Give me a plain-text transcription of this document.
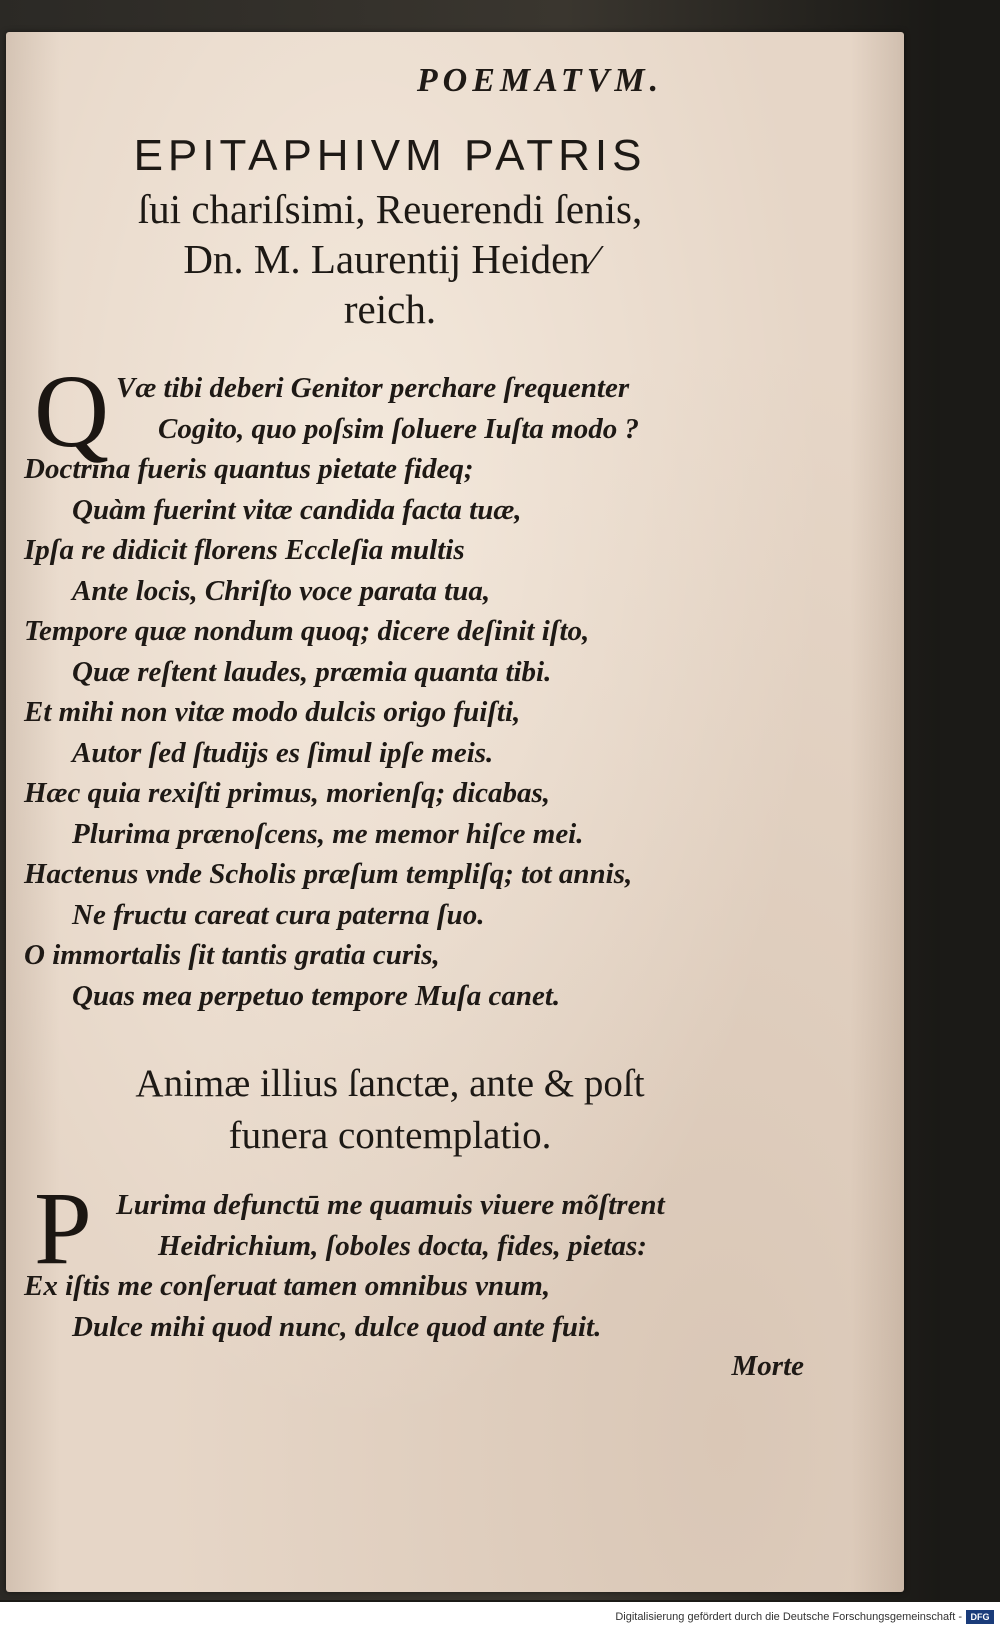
POEMATVM.
EPITAPHIVM PATRIS
ſui chariſsimi, Reuerendi ſenis,
Dn. M. Laurentij Heiden⁄
reich.
Q Væ tibi deberi Genitor perchare ſrequenter
Cogito, quo poſsim ſoluere Iuſta modo ?
Doctrina fueris quantus pietate fideq;
Quàm fuerint vitæ candida facta tuæ,
Ipſa re didicit florens Eccleſia multis
Ante locis, Chriſto voce parata tua,
Tempore quæ nondum quoq; dicere deſinit iſto,
Quæ reſtent laudes, præmia quanta tibi.
Et mihi non vitæ modo dulcis origo fuiſti,
Autor ſed ſtudijs es ſimul ipſe meis.
Hæc quia rexiſti primus, morienſq; dicabas,
Plurima prænoſcens, me memor hiſce mei.
Hactenus vnde Scholis præſum templiſq; tot annis,
Ne fructu careat cura paterna ſuo.
O immortalis ſit tantis gratia curis,
Quas mea perpetuo tempore Muſa canet.
Animæ illius ſanctæ, ante & poſt
funera contemplatio.
P Lurima defunctū me quamuis viuere mõſtrent
Heidrichium, ſoboles docta, fides, pietas:
Ex iſtis me conſeruat tamen omnibus vnum,
Dulce mihi quod nunc, dulce quod ante fuit.
Morte
Digitalisierung gefördert durch die Deutsche Forschungsgemeinschaft - DFG
